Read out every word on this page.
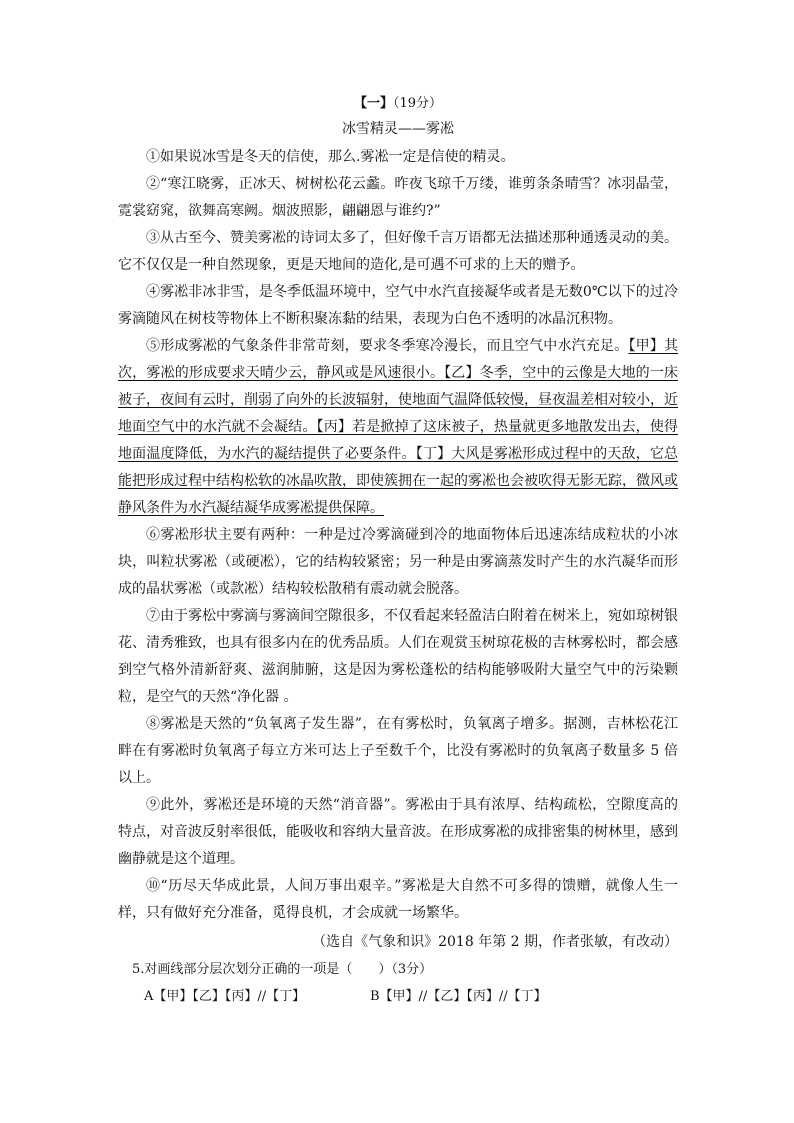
【一】（19分）
冰雪精灵——雾凇

①如果说冰雪是冬天的信使，那么.雾凇一定是信使的精灵。

②“寒江晓雾，正冰天、树树松花云蠡。昨夜飞琼千万缕，谁剪条条晴雪？冰羽晶莹，霓裳窈窕，欲舞高寒阙。烟波照影，翩翩恩与谁约?”

③从古至今、赞美雾凇的诗词太多了，但好像千言万语都无法描述那种通透灵动的美。它不仅仅是一种自然现象，更是天地间的造化,是可遇不可求的上天的赠予。

④雾凇非冰非雪，是冬季低温环境中，空气中水汽直接凝华或者是无数0℃以下的过冷雾滴随风在树枝等物体上不断积聚冻黏的结果，表现为白色不透明的冰晶沉积物。

⑤形成雾凇的气象条件非常苛刻，要求冬季寒冷漫长，而且空气中水汽充足。【甲】其次，雾凇的形成要求天晴少云，静风或是风速很小。【乙】冬季，空中的云像是大地的一床被子，夜间有云时，削弱了向外的长波辐射，使地面气温降低较慢，昼夜温差相对较小，近地面空气中的水汽就不会凝结。【丙】若是掀掉了这床被子，热量就更多地散发出去，使得地面温度降低，为水汽的凝结提供了必要条件。【丁】大风是雾凇形成过程中的天敌，它总能把形成过程中结构松软的冰晶吹散，即使簇拥在一起的雾凇也会被吹得无影无踪，微风或静风条件为水汽凝结凝华成雾凇提供保障。

⑥雾凇形状主要有两种：一种是过冷雾滴碰到冷的地面物体后迅速冻结成粒状的小冰块，叫粒状雾凇（或硬凇），它的结构较紧密；另一种是由雾滴蒸发时产生的水汽凝华而形成的晶状雾凇（或款凇）结构较松散稍有震动就会脱落。

⑦由于雾松中雾滴与雾滴间空隙很多，不仅看起来轻盈洁白附着在树米上，宛如琼树银花、清秀雅致，也具有很多内在的优秀品质。人们在观赏玉树琼花极的吉林雾松时，都会感到空气格外清新舒爽、滋润肺腑，这是因为雾松蓬松的结构能够吸附大量空气中的污染颗粒，是空气的天然“净化器 。

⑧雾凇是天然的“负氧离子发生器”，在有雾松时，负氧离子增多。据测，吉林松花江畔在有雾凇时负氧离子每立方米可达上子至数千个，比没有雾凇时的负氧离子数量多 5 倍以上。

⑨此外，雾凇还是环境的天然“消音器”。雾凇由于具有浓厚、结构疏松，空隙度高的特点，对音波反射率很低，能吸收和容纳大量音波。在形成雾凇的成排密集的树林里，感到幽静就是这个道理。

⑩“历尽天华成此景，人间万事出艰辛。”雾凇是大自然不可多得的馈赠，就像人生一样，只有做好充分准备，觅得良机，才会成就一场繁华。

（选自《气象和识》2018 年第 2 期，作者张敏，有改动）
5.对画线部分层次划分正确的一项是（　　）（3分）
A【甲】【乙】【丙】//【丁】	B【甲】//【乙】【丙】//【丁】
